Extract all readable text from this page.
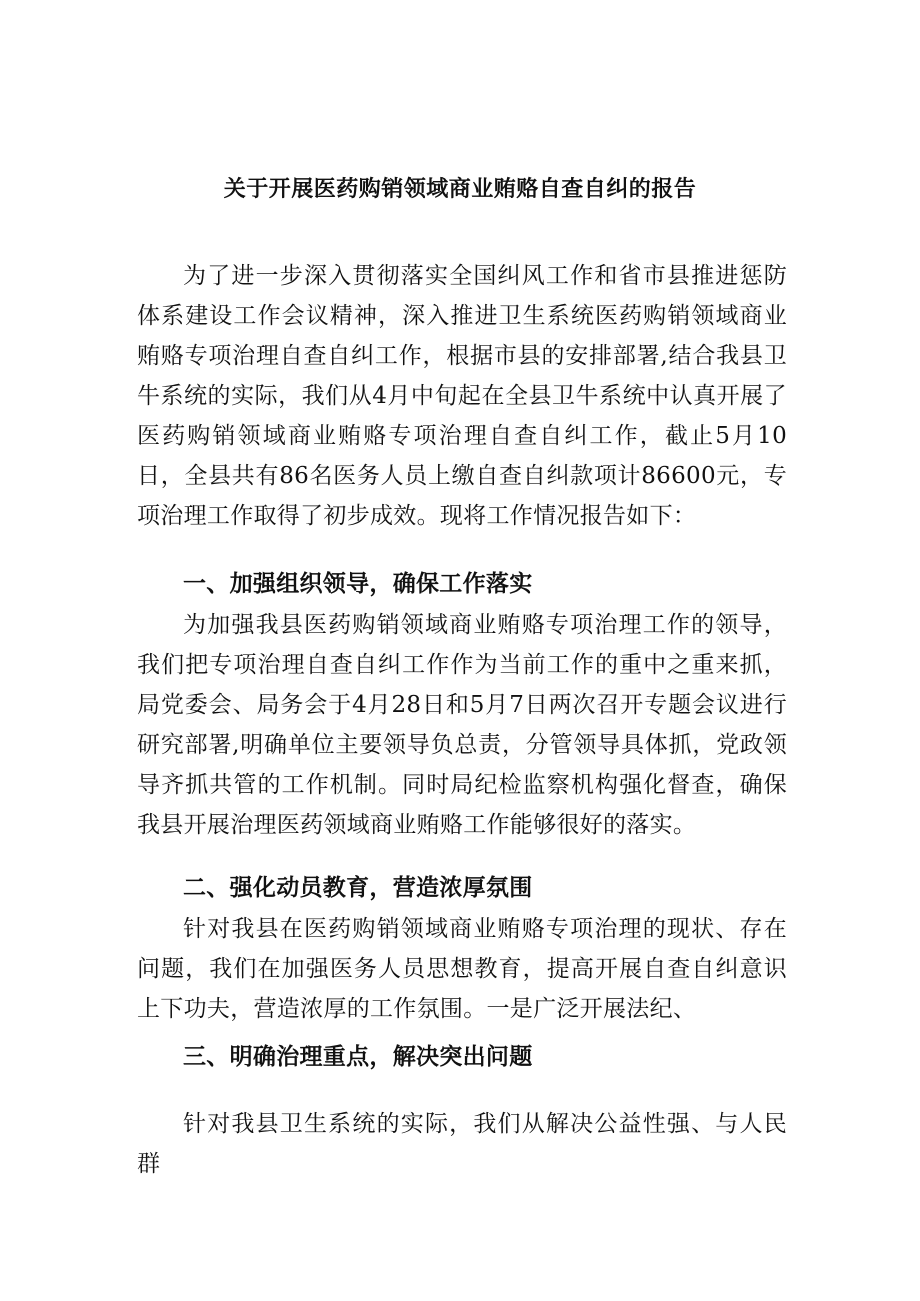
关于开展医药购销领域商业贿赂自查自纠的报告

为了进一步深入贯彻落实全国纠风工作和省市县推进惩防体系建设工作会议精神，深入推进卫生系统医药购销领域商业贿赂专项治理自查自纠工作，根据市县的安排部署,结合我县卫牛系统的实际，我们从4月中旬起在全县卫牛系统中认真开展了医药购销领域商业贿赂专项治理自查自纠工作，截止5月10日，全县共有86名医务人员上缴自查自纠款项计86600元，专项治理工作取得了初步成效。现将工作情况报告如下：

一、加强组织领导，确保工作落实

为加强我县医药购销领域商业贿赂专项治理工作的领导，我们把专项治理自查自纠工作作为当前工作的重中之重来抓，局党委会、局务会于4月28日和5月7日两次召开专题会议进行研究部署,明确单位主要领导负总责，分管领导具体抓，党政领导齐抓共管的工作机制。同时局纪检监察机构强化督查，确保我县开展治理医药领域商业贿赂工作能够很好的落实。

二、强化动员教育，营造浓厚氛围

针对我县在医药购销领域商业贿赂专项治理的现状、存在问题，我们在加强医务人员思想教育，提高开展自查自纠意识上下功夫，营造浓厚的工作氛围。一是广泛开展法纪、

三、明确治理重点，解决突出问题

针对我县卫生系统的实际，我们从解决公益性强、与人民群
